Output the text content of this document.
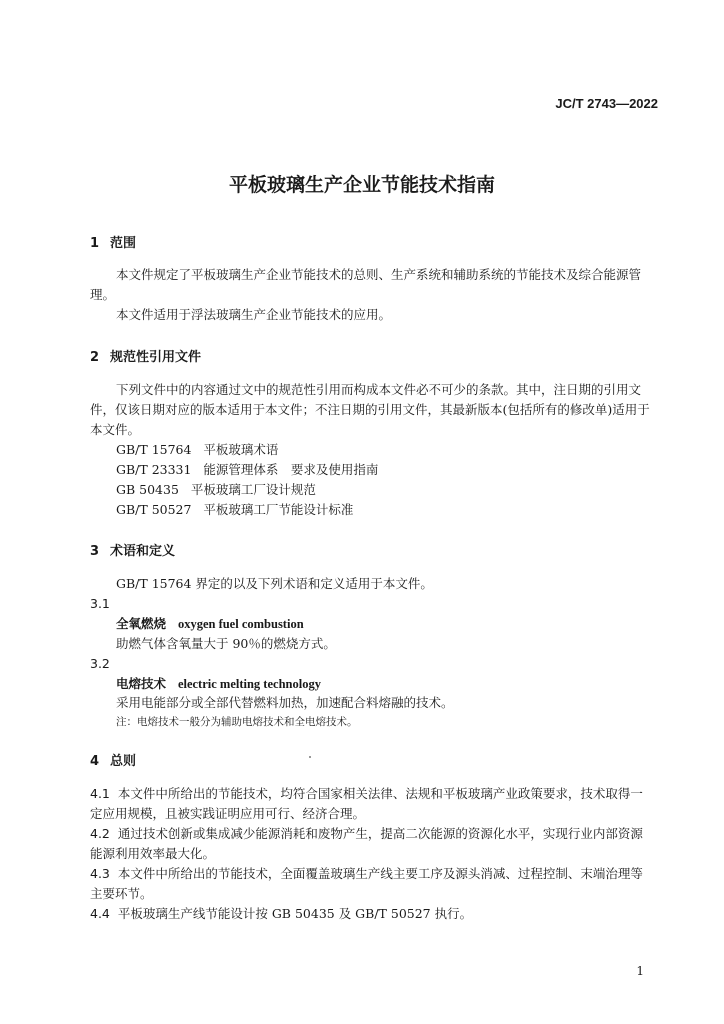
JC/T 2743—2022
平板玻璃生产企业节能技术指南
1 范围
本文件规定了平板玻璃生产企业节能技术的总则、生产系统和辅助系统的节能技术及综合能源管
理。
本文件适用于浮法玻璃生产企业节能技术的应用。
2 规范性引用文件
下列文件中的内容通过文中的规范性引用而构成本文件必不可少的条款。其中，注日期的引用文
件，仅该日期对应的版本适用于本文件；不注日期的引用文件，其最新版本(包括所有的修改单)适用于
本文件。
GB/T 15764 平板玻璃术语
GB/T 23331 能源管理体系　要求及使用指南
GB 50435 平板玻璃工厂设计规范
GB/T 50527 平板玻璃工厂节能设计标准
3 术语和定义
GB/T 15764 界定的以及下列术语和定义适用于本文件。
3.1
全氧燃烧 oxygen fuel combustion
助燃气体含氧量大于 90％的燃烧方式。
3.2
电熔技术 electric melting technology
采用电能部分或全部代替燃料加热，加速配合料熔融的技术。
注：电熔技术一般分为辅助电熔技术和全电熔技术。
4 总则
4.1 本文件中所给出的节能技术，均符合国家相关法律、法规和平板玻璃产业政策要求，技术取得一
定应用规模，且被实践证明应用可行、经济合理。
4.2 通过技术创新或集成减少能源消耗和废物产生，提高二次能源的资源化水平，实现行业内部资源
能源利用效率最大化。
4.3 本文件中所给出的节能技术，全面覆盖玻璃生产线主要工序及源头消减、过程控制、末端治理等
主要环节。
4.4 平板玻璃生产线节能设计按 GB 50435 及 GB/T 50527 执行。
1
